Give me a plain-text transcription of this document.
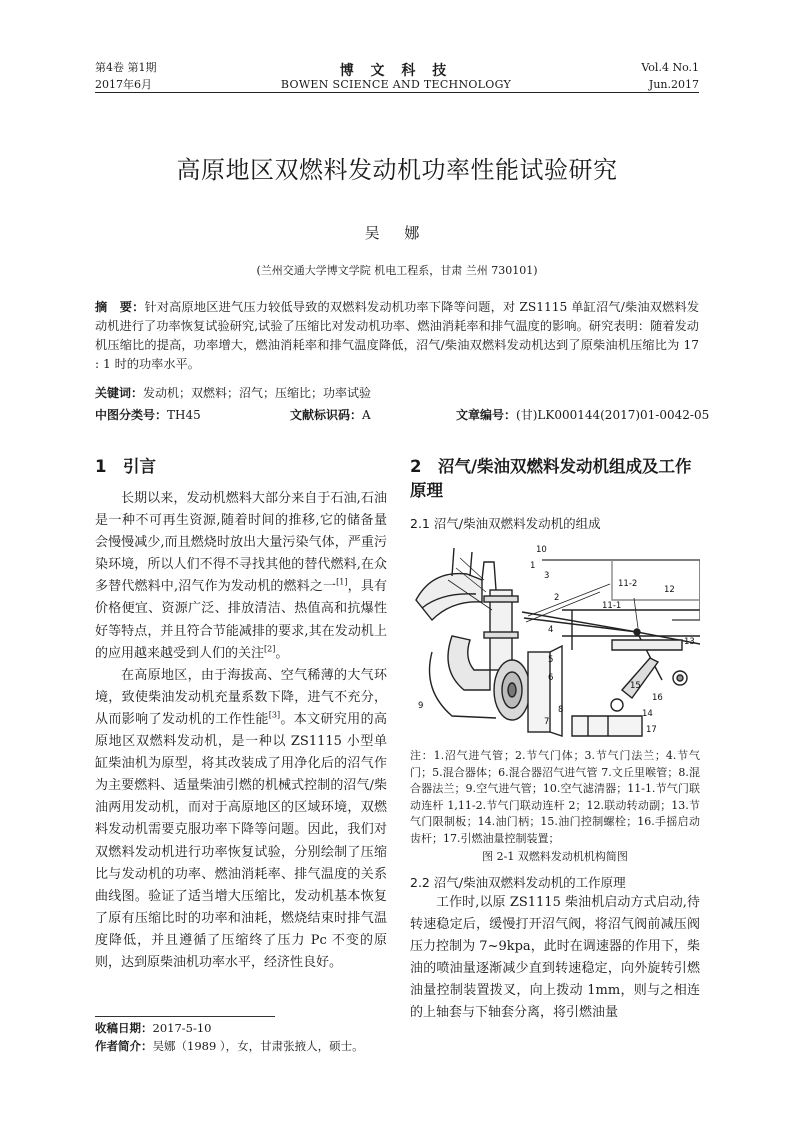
第4卷 第1期
2017年6月
博 文 科 技
BOWEN SCIENCE AND TECHNOLOGY
Vol.4 No.1
Jun.2017
高原地区双燃料发动机功率性能试验研究
吴 娜
(兰州交通大学博文学院 机电工程系，甘肃 兰州 730101)
摘　要：针对高原地区进气压力较低导致的双燃料发动机功率下降等问题，对 ZS1115 单缸沼气/柴油双燃料发动机进行了功率恢复试验研究,试验了压缩比对发动机功率、燃油消耗率和排气温度的影响。研究表明：随着发动机压缩比的提高，功率增大，燃油消耗率和排气温度降低，沼气/柴油双燃料发动机达到了原柴油机压缩比为 17 : 1 时的功率水平。
关键词：发动机；双燃料；沼气；压缩比；功率试验
中图分类号：TH45	文献标识码：A	文章编号：(甘)LK000144(2017)01-0042-05
1　引言

长期以来，发动机燃料大部分来自于石油,石油是一种不可再生资源,随着时间的推移,它的储备量会慢慢减少,而且燃烧时放出大量污染气体，严重污染环境，所以人们不得不寻找其他的替代燃料,在众多替代燃料中,沼气作为发动机的燃料之一[1]，具有价格便宜、资源广泛、排放清洁、热值高和抗爆性好等特点，并且符合节能减排的要求,其在发动机上的应用越来越受到人们的关注[2]。

在高原地区，由于海拔高、空气稀薄的大气环境，致使柴油发动机充量系数下降，进气不充分，从而影响了发动机的工作性能[3]。本文研究用的高原地区双燃料发动机，是一种以 ZS1115 小型单缸柴油机为原型，将其改装成了用净化后的沼气作为主要燃料、适量柴油引燃的机械式控制的沼气/柴油两用发动机，而对于高原地区的区域环境，双燃料发动机需要克服功率下降等问题。因此，我们对双燃料发动机进行功率恢复试验，分别绘制了压缩比与发动机的功率、燃油消耗率、排气温度的关系曲线图。验证了适当增大压缩比，发动机基本恢复了原有压缩比时的功率和油耗，燃烧结束时排气温度降低，并且遵循了压缩终了压力 Pc 不变的原则，达到原柴油机功率水平，经济性良好。

收稿日期：2017-5-10
作者简介：吴娜（1989 ），女，甘肃张掖人，硕士。
2　沼气/柴油双燃料发动机组成及工作原理
2.1 沼气/柴油双燃料发动机的组成
10
1
3
2
11-2
11-1
12
4
13
5
6
15
16
9	8	14
7
17
注：1.沼气进气管；2.节气门体；3.节气门法兰；4.节气门；5.混合器体；6.混合器沼气进气管 7.文丘里喉管；8.混合器法兰；9.空气进气管；10.空气滤清器；11-1.节气门联动连杆 1,11-2.节气门联动连杆 2；12.联动转动副；13.节气门限制板；14.油门柄；15.油门控制螺栓；16.手摇启动齿杆；17.引燃油量控制装置；
图 2-1 双燃料发动机机构简图
2.2 沼气/柴油双燃料发动机的工作原理

工作时,以原 ZS1115 柴油机启动方式启动,待转速稳定后，缓慢打开沼气阀，将沼气阀前减压阀压力控制为 7~9kpa，此时在调速器的作用下，柴油的喷油量逐渐减少直到转速稳定，向外旋转引燃油量控制装置拨叉，向上拨动 1mm，则与之相连的上轴套与下轴套分离，将引燃油量
